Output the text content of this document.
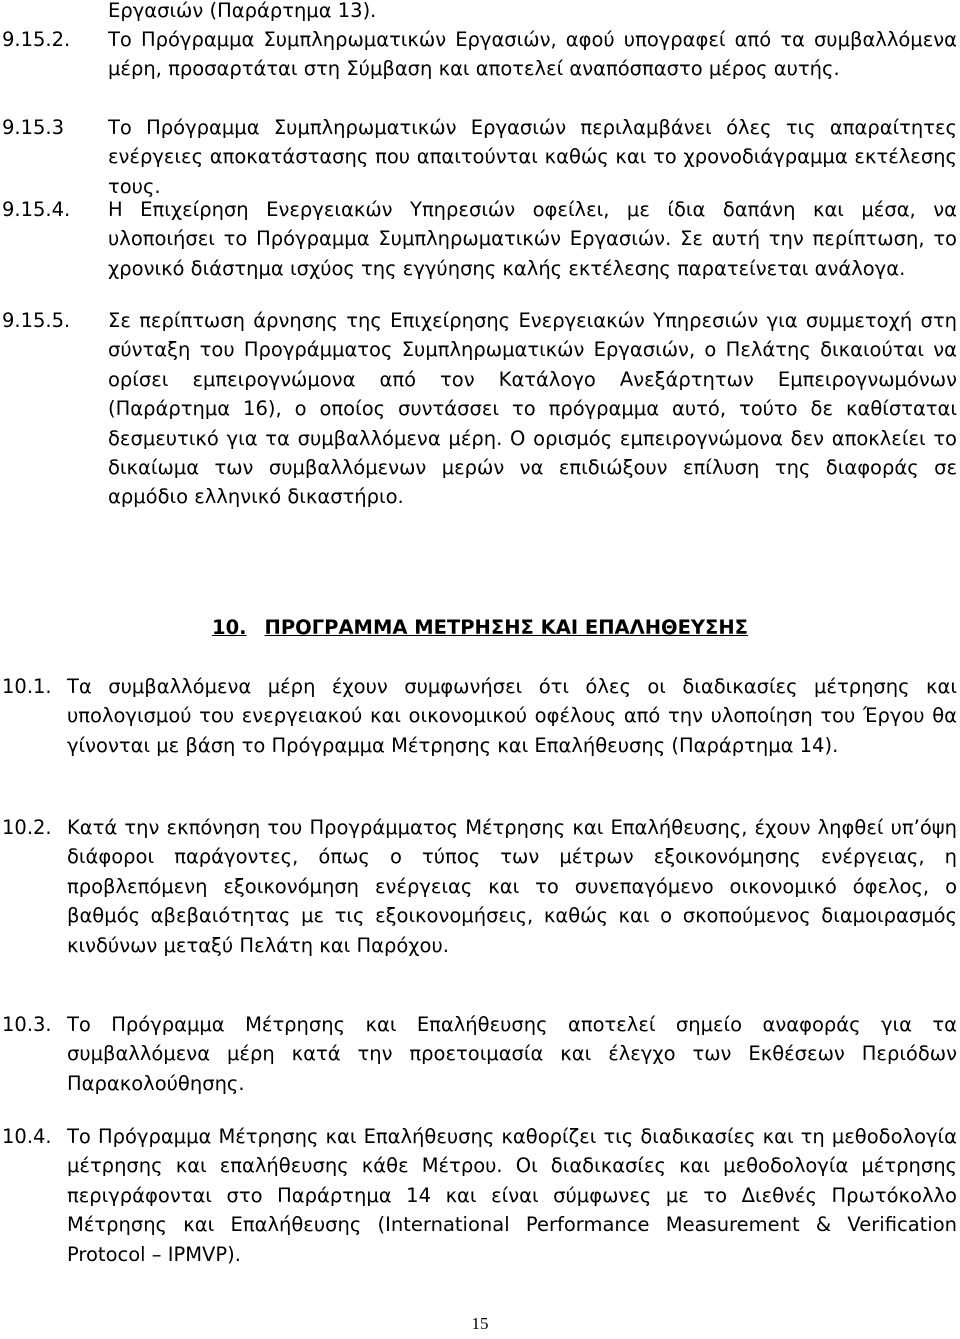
Εργασιών (Παράρτημα 13).
9.15.2. Το Πρόγραμμα Συμπληρωματικών Εργασιών, αφού υπογραφεί από τα συμβαλλόμενα μέρη, προσαρτάται στη Σύμβαση και αποτελεί αναπόσπαστο μέρος αυτής.
9.15.3 Το Πρόγραμμα Συμπληρωματικών Εργασιών περιλαμβάνει όλες τις απαραίτητες ενέργειες αποκατάστασης που απαιτούνται καθώς και το χρονοδιάγραμμα εκτέλεσης τους.
9.15.4. Η Επιχείρηση Ενεργειακών Υπηρεσιών οφείλει, με ίδια δαπάνη και μέσα, να υλοποιήσει το Πρόγραμμα Συμπληρωματικών Εργασιών. Σε αυτή την περίπτωση, το χρονικό διάστημα ισχύος της εγγύησης καλής εκτέλεσης παρατείνεται ανάλογα.
9.15.5. Σε περίπτωση άρνησης της Επιχείρησης Ενεργειακών Υπηρεσιών για συμμετοχή στη σύνταξη του Προγράμματος Συμπληρωματικών Εργασιών, ο Πελάτης δικαιούται να ορίσει εμπειρογνώμονα από τον Κατάλογο Ανεξάρτητων Εμπειρογνωμόνων (Παράρτημα 16), ο οποίος συντάσσει το πρόγραμμα αυτό, τούτο δε καθίσταται δεσμευτικό για τα συμβαλλόμενα μέρη. Ο ορισμός εμπειρογνώμονα δεν αποκλείει το δικαίωμα των συμβαλλόμενων μερών να επιδιώξουν επίλυση της διαφοράς σε αρμόδιο ελληνικό δικαστήριο.
10. ΠΡΟΓΡΑΜΜΑ ΜΕΤΡΗΣΗΣ ΚΑΙ ΕΠΑΛΗΘΕΥΣΗΣ
10.1. Τα συμβαλλόμενα μέρη έχουν συμφωνήσει ότι όλες οι διαδικασίες μέτρησης και υπολογισμού του ενεργειακού και οικονομικού οφέλους από την υλοποίηση του Έργου θα γίνονται με βάση το Πρόγραμμα Μέτρησης και Επαλήθευσης (Παράρτημα 14).
10.2. Κατά την εκπόνηση του Προγράμματος Μέτρησης και Επαλήθευσης, έχουν ληφθεί υπ’όψη διάφοροι παράγοντες, όπως ο τύπος των μέτρων εξοικονόμησης ενέργειας, η προβλεπόμενη εξοικονόμηση ενέργειας και το συνεπαγόμενο οικονομικό όφελος, ο βαθμός αβεβαιότητας με τις εξοικονομήσεις, καθώς και ο σκοπούμενος διαμοιρασμός κινδύνων μεταξύ Πελάτη και Παρόχου.
10.3. Το Πρόγραμμα Μέτρησης και Επαλήθευσης αποτελεί σημείο αναφοράς για τα συμβαλλόμενα μέρη κατά την προετοιμασία και έλεγχο των Εκθέσεων Περιόδων Παρακολούθησης.
10.4. Το Πρόγραμμα Μέτρησης και Επαλήθευσης καθορίζει τις διαδικασίες και τη μεθοδολογία μέτρησης και επαλήθευσης κάθε Μέτρου. Οι διαδικασίες και μεθοδολογία μέτρησης περιγράφονται στο Παράρτημα 14 και είναι σύμφωνες με το Διεθνές Πρωτόκολλο Μέτρησης και Επαλήθευσης (International Performance Measurement & Verification Protocol – IPMVP).
15
